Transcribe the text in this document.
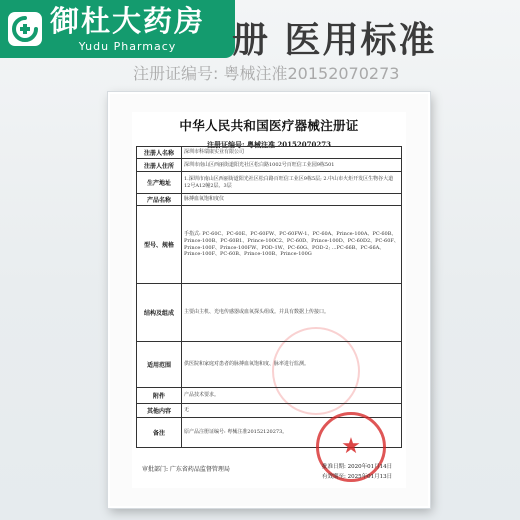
御杜大药房
Yudu Pharmacy	册 医用标准
注册证编号: 粤械注准20152070273
中华人民共和国医疗器械注册证
注册证编号: 粤械注准 20152070273
注册人名称	深圳市科瑞康实业有限公司
注册人住所	深圳市南山区西丽街道阳光社区松白路1002号百旺信工业园9栋501
生产地址	1.深圳市南山区西丽街道阳光社区松白路百旺信工业区9栋5层; 2.中山市火炬开发区生物谷大道12号A12幢2层、3层
产品名称	脉搏血氧饱和度仪
型号、规格	手指式: PC-60C、PC-60E、PC-60FW、PC-60FW-1、PC-60A、Prince-100A、PC-60B、Prince-100B、PC-60B1、Prince-100C2、PC-60D、Prince-100D、PC-60D2、PC-60F、Prince-100F、Prince-100FW、POD-1W、PC-60G、POD-2; ...PC-66B、PC-66A、Prince-100F、PC-60B、Prince-100B、Prince-100G
结构及组成	主要由主机、光电传感器或血氧探头组成。并具有数据上传接口。
适用范围	供医院和家庭对患者的脉搏血氧饱和度、脉率进行监测。
附件	产品技术要求。
其他内容	无
备注	原产品注册证编号: 粤械注准20152120273。
★
审批部门: 广东省药品监督管理局	批准日期: 2020年01月14日
有效期至: 2025年01月13日
